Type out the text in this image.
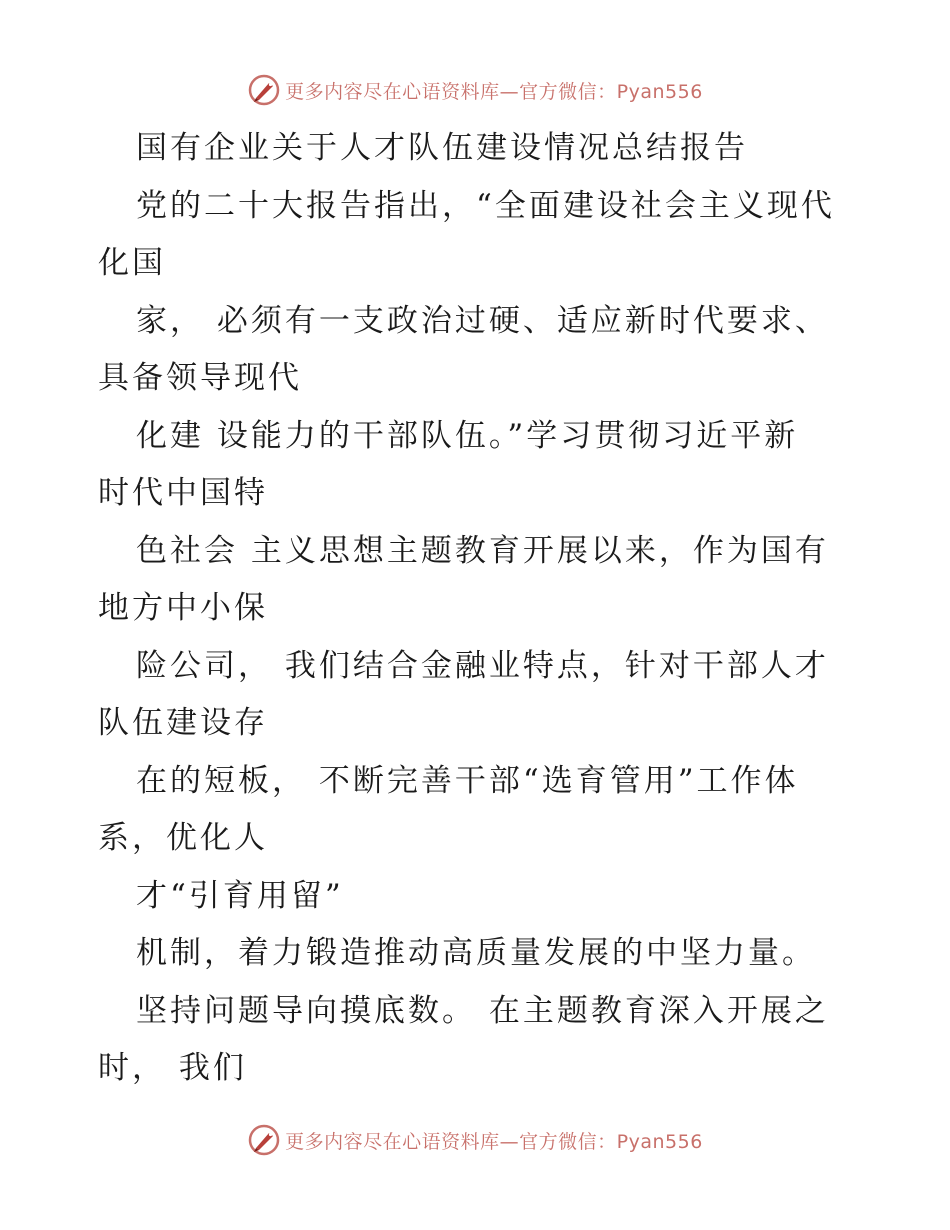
更多内容尽在心语资料库—官方微信：Pyan556
国有企业关于人才队伍建设情况总结报告
党的二十大报告指出，“全面建设社会主义现代
化国
家， 必须有一支政治过硬、适应新时代要求、
具备领导现代
化建 设能力的干部队伍。”学习贯彻习近平新
时代中国特
色社会 主义思想主题教育开展以来，作为国有
地方中小保
险公司， 我们结合金融业特点，针对干部人才
队伍建设存
在的短板， 不断完善干部“选育管用”工作体
系，优化人
才“引育用留”
机制，着力锻造推动高质量发展的中坚力量。
坚持问题导向摸底数。 在主题教育深入开展之
时， 我们
更多内容尽在心语资料库—官方微信：Pyan556
